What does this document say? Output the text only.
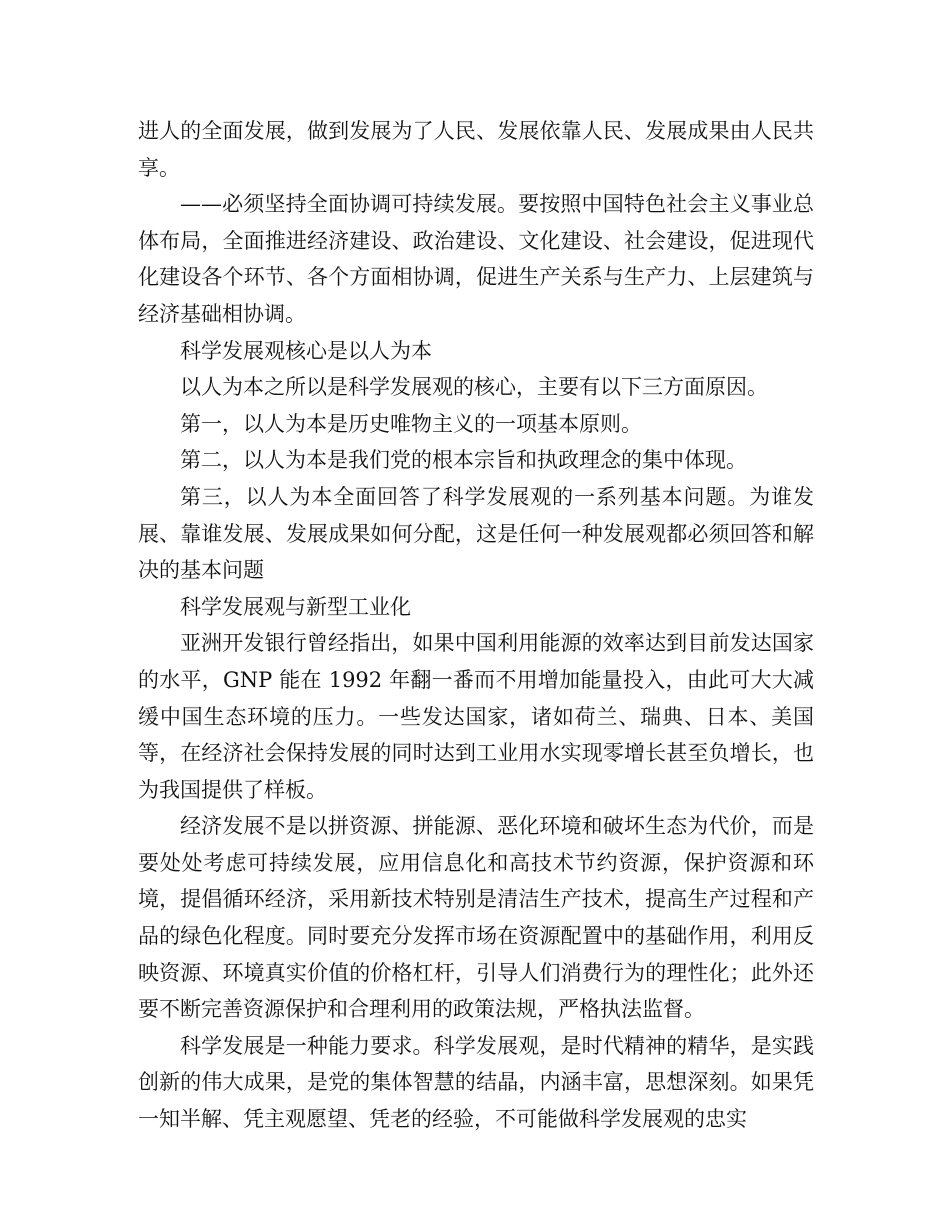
进人的全面发展，做到发展为了人民、发展依靠人民、发展成果由人民共享。

——必须坚持全面协调可持续发展。要按照中国特色社会主义事业总体布局，全面推进经济建设、政治建设、文化建设、社会建设，促进现代化建设各个环节、各个方面相协调，促进生产关系与生产力、上层建筑与经济基础相协调。

科学发展观核心是以人为本

以人为本之所以是科学发展观的核心，主要有以下三方面原因。

第一，以人为本是历史唯物主义的一项基本原则。

第二，以人为本是我们党的根本宗旨和执政理念的集中体现。

第三，以人为本全面回答了科学发展观的一系列基本问题。为谁发展、靠谁发展、发展成果如何分配，这是任何一种发展观都必须回答和解决的基本问题

科学发展观与新型工业化

亚洲开发银行曾经指出，如果中国利用能源的效率达到目前发达国家的水平，GNP 能在 1992 年翻一番而不用增加能量投入，由此可大大减缓中国生态环境的压力。一些发达国家，诸如荷兰、瑞典、日本、美国等，在经济社会保持发展的同时达到工业用水实现零增长甚至负增长，也为我国提供了样板。

经济发展不是以拼资源、拼能源、恶化环境和破坏生态为代价，而是要处处考虑可持续发展，应用信息化和高技术节约资源，保护资源和环境，提倡循环经济，采用新技术特别是清洁生产技术，提高生产过程和产品的绿色化程度。同时要充分发挥市场在资源配置中的基础作用，利用反映资源、环境真实价值的价格杠杆，引导人们消费行为的理性化；此外还要不断完善资源保护和合理利用的政策法规，严格执法监督。

科学发展是一种能力要求。科学发展观，是时代精神的精华，是实践创新的伟大成果，是党的集体智慧的结晶，内涵丰富，思想深刻。如果凭一知半解、凭主观愿望、凭老的经验，不可能做科学发展观的忠实
